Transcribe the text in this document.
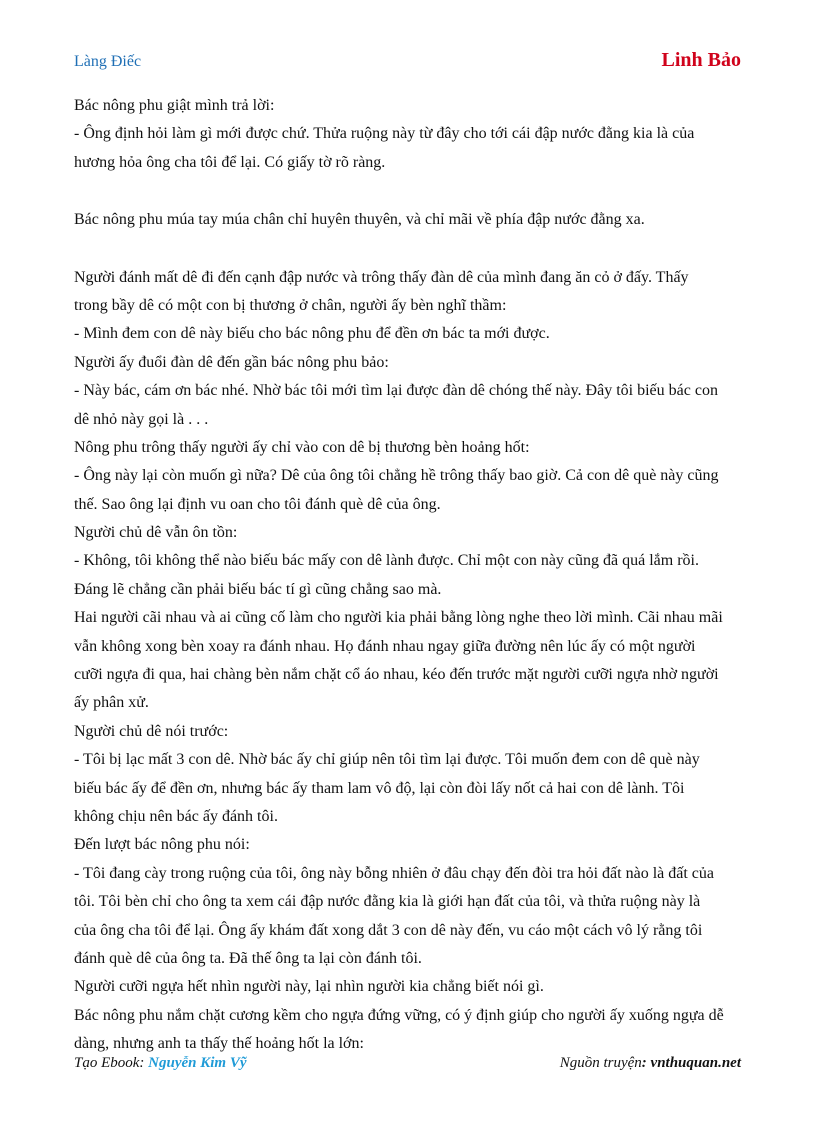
Làng Điếc	Linh Bảo
Bác nông phu giật mình trả lời:
- Ông định hỏi làm gì mới được chứ. Thửa ruộng này từ đây cho tới cái đập nước đằng kia là của
hương hỏa ông cha tôi để lại. Có giấy tờ rõ ràng.
Bác nông phu múa tay múa chân chỉ huyên thuyên, và chỉ mãi về phía đập nước đằng xa.
Người đánh mất dê đi đến cạnh đập nước và trông thấy đàn dê của mình đang ăn cỏ ở đấy. Thấy
trong bầy dê có một con bị thương ở chân, người ấy bèn nghĩ thầm:
- Mình đem con dê này biếu cho bác nông phu để đền ơn bác ta mới được.
Người ấy đuổi đàn dê đến gần bác nông phu bảo:
- Này bác, cám ơn bác nhé. Nhờ bác tôi mới tìm lại được đàn dê chóng thế này. Đây tôi biếu bác con
dê nhỏ này gọi là . . .
Nông phu trông thấy người ấy chỉ vào con dê bị thương bèn hoảng hốt:
- Ông này lại còn muốn gì nữa? Dê của ông tôi chẳng hề trông thấy bao giờ. Cả con dê què này cũng
thế. Sao ông lại định vu oan cho tôi đánh què dê của ông.
Người chủ dê vẫn ôn tồn:
- Không, tôi không thể nào biếu bác mấy con dê lành được. Chỉ một con này cũng đã quá lắm rồi.
Đáng lẽ chẳng cần phải biếu bác tí gì cũng chẳng sao mà.
Hai người cãi nhau và ai cũng cố làm cho người kia phải bằng lòng nghe theo lời mình. Cãi nhau mãi
vẫn không xong bèn xoay ra đánh nhau. Họ đánh nhau ngay giữa đường nên lúc ấy có một người
cưỡi ngựa đi qua, hai chàng bèn nắm chặt cổ áo nhau, kéo đến trước mặt người cưỡi ngựa nhờ người
ấy phân xử.
Người chủ dê nói trước:
- Tôi bị lạc mất 3 con dê. Nhờ bác ấy chỉ giúp nên tôi tìm lại được. Tôi muốn đem con dê què này
biếu bác ấy để đền ơn, nhưng bác ấy tham lam vô độ, lại còn đòi lấy nốt cả hai con dê lành. Tôi
không chịu nên bác ấy đánh tôi.
Đến lượt bác nông phu nói:
- Tôi đang cày trong ruộng của tôi, ông này bỗng nhiên ở đâu chạy đến đòi tra hỏi đất nào là đất của
tôi. Tôi bèn chỉ cho ông ta xem cái đập nước đằng kia là giới hạn đất của tôi, và thửa ruộng này là
của ông cha tôi để lại. Ông ấy khám đất xong dắt 3 con dê này đến, vu cáo một cách vô lý rằng tôi
đánh què dê của ông ta. Đã thế ông ta lại còn đánh tôi.
Người cưỡi ngựa hết nhìn người này, lại nhìn người kia chẳng biết nói gì.
Bác nông phu nắm chặt cương kềm cho ngựa đứng vững, có ý định giúp cho người ấy xuống ngựa dễ
dàng, nhưng anh ta thấy thế hoảng hốt la lớn:
Tạo Ebook: Nguyễn Kim Vỹ	Nguồn truyện: vnthuquan.net
